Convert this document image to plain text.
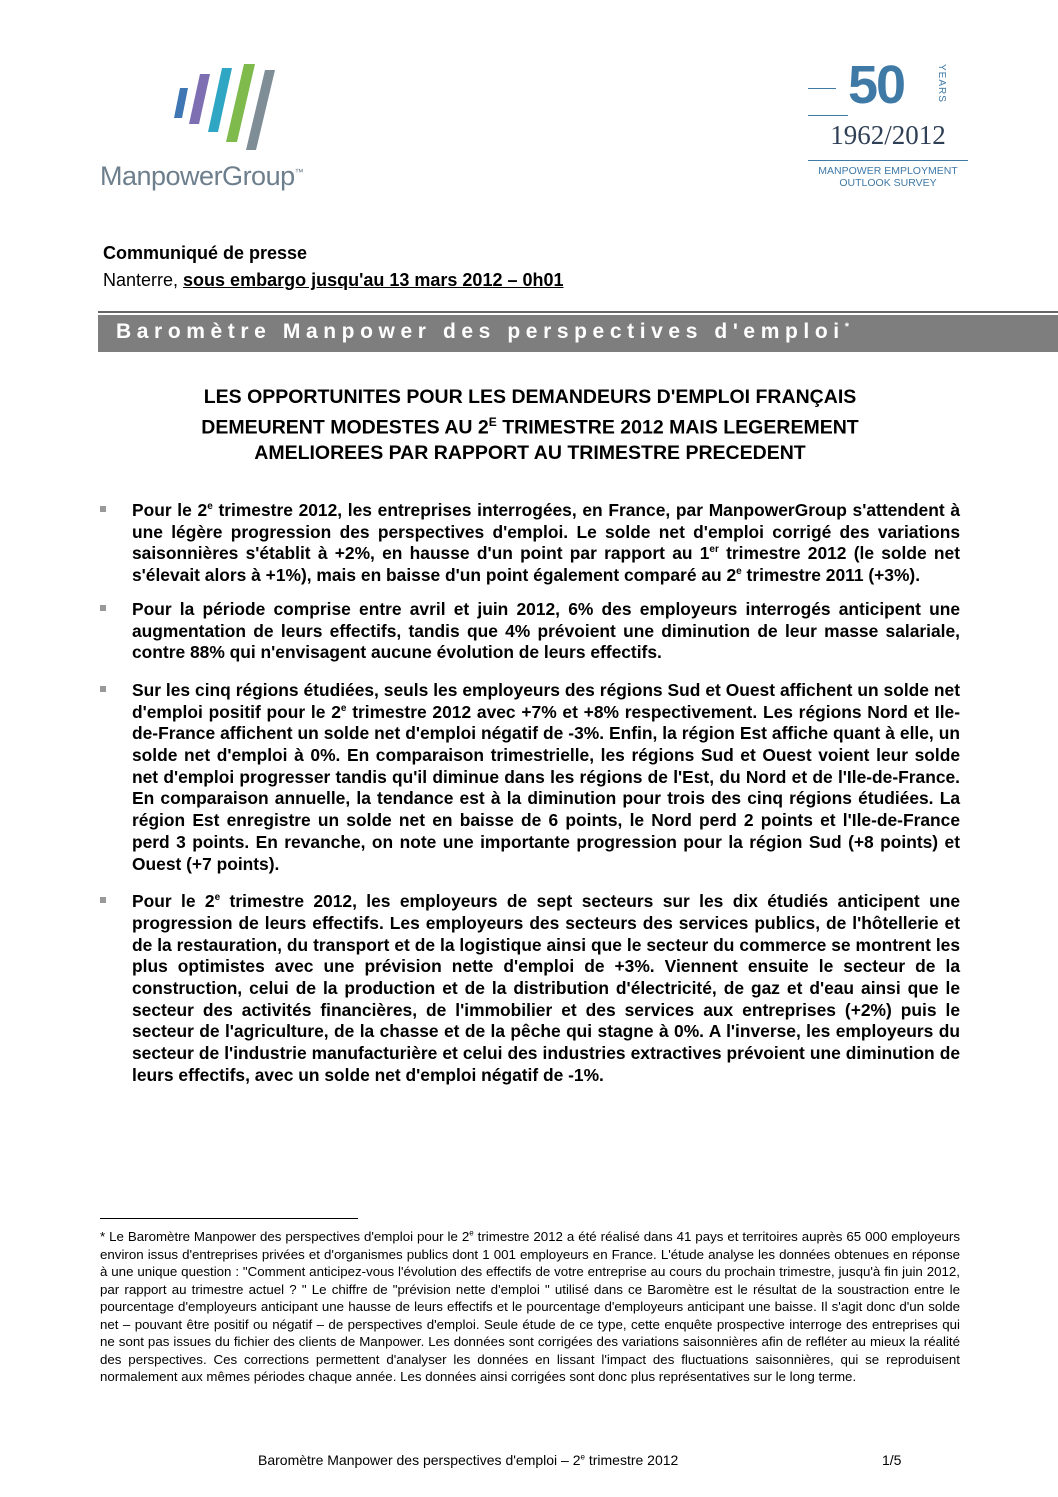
ManpowerGroup™
50	YEARS
1962/2012
MANPOWER EMPLOYMENT OUTLOOK SURVEY
Communiqué de presse
Nanterre, sous embargo jusqu'au 13 mars 2012 – 0h01
Baromètre Manpower des perspectives d'emploi*
LES OPPORTUNITES POUR LES DEMANDEURS D'EMPLOI FRANÇAIS
DEMEURENT MODESTES AU $2^E$ TRIMESTRE 2012 MAIS LEGEREMENT
AMELIOREES PAR RAPPORT AU TRIMESTRE PRECEDENT
Pour le 2e trimestre 2012, les entreprises interrogées, en France, par ManpowerGroup s'attendent à une légère progression des perspectives d'emploi. Le solde net d'emploi corrigé des variations saisonnières s'établit à +2%, en hausse d'un point par rapport au 1er trimestre 2012 (le solde net s'élevait alors à +1%), mais en baisse d'un point également comparé au 2e trimestre 2011 (+3%).
Pour la période comprise entre avril et juin 2012, 6% des employeurs interrogés anticipent une augmentation de leurs effectifs, tandis que 4% prévoient une diminution de leur masse salariale, contre 88% qui n'envisagent aucune évolution de leurs effectifs.
Sur les cinq régions étudiées, seuls les employeurs des régions Sud et Ouest affichent un solde net d'emploi positif pour le 2e trimestre 2012 avec +7% et +8% respectivement. Les régions Nord et Ile-de-France affichent un solde net d'emploi négatif de -3%. Enfin, la région Est affiche quant à elle, un solde net d'emploi à 0%. En comparaison trimestrielle, les régions Sud et Ouest voient leur solde net d'emploi progresser tandis qu'il diminue dans les régions de l'Est, du Nord et de l'Ile-de-France. En comparaison annuelle, la tendance est à la diminution pour trois des cinq régions étudiées. La région Est enregistre un solde net en baisse de 6 points, le Nord perd 2 points et l'Ile-de-France perd 3 points. En revanche, on note une importante progression pour la région Sud (+8 points) et Ouest (+7 points).
Pour le 2e trimestre 2012, les employeurs de sept secteurs sur les dix étudiés anticipent une progression de leurs effectifs. Les employeurs des secteurs des services publics, de l'hôtellerie et de la restauration, du transport et de la logistique ainsi que le secteur du commerce se montrent les plus optimistes avec une prévision nette d'emploi de +3%. Viennent ensuite le secteur de la construction, celui de la production et de la distribution d'électricité, de gaz et d'eau ainsi que le secteur des activités financières, de l'immobilier et des services aux entreprises (+2%) puis le secteur de l'agriculture, de la chasse et de la pêche qui stagne à 0%. A l'inverse, les employeurs du secteur de l'industrie manufacturière et celui des industries extractives prévoient une diminution de leurs effectifs, avec un solde net d'emploi négatif de -1%.
* Le Baromètre Manpower des perspectives d'emploi pour le 2e trimestre 2012 a été réalisé dans 41 pays et territoires auprès 65 000 employeurs environ issus d'entreprises privées et d'organismes publics dont 1 001 employeurs en France. L'étude analyse les données obtenues en réponse à une unique question : "Comment anticipez-vous l'évolution des effectifs de votre entreprise au cours du prochain trimestre, jusqu'à fin juin 2012, par rapport au trimestre actuel ? " Le chiffre de "prévision nette d'emploi " utilisé dans ce Baromètre est le résultat de la soustraction entre le pourcentage d'employeurs anticipant une hausse de leurs effectifs et le pourcentage d'employeurs anticipant une baisse. Il s'agit donc d'un solde net – pouvant être positif ou négatif – de perspectives d'emploi. Seule étude de ce type, cette enquête prospective interroge des entreprises qui ne sont pas issues du fichier des clients de Manpower. Les données sont corrigées des variations saisonnières afin de refléter au mieux la réalité des perspectives. Ces corrections permettent d'analyser les données en lissant l'impact des fluctuations saisonnières, qui se reproduisent normalement aux mêmes périodes chaque année. Les données ainsi corrigées sont donc plus représentatives sur le long terme.
Baromètre Manpower des perspectives d'emploi – 2e trimestre 2012	1/5
